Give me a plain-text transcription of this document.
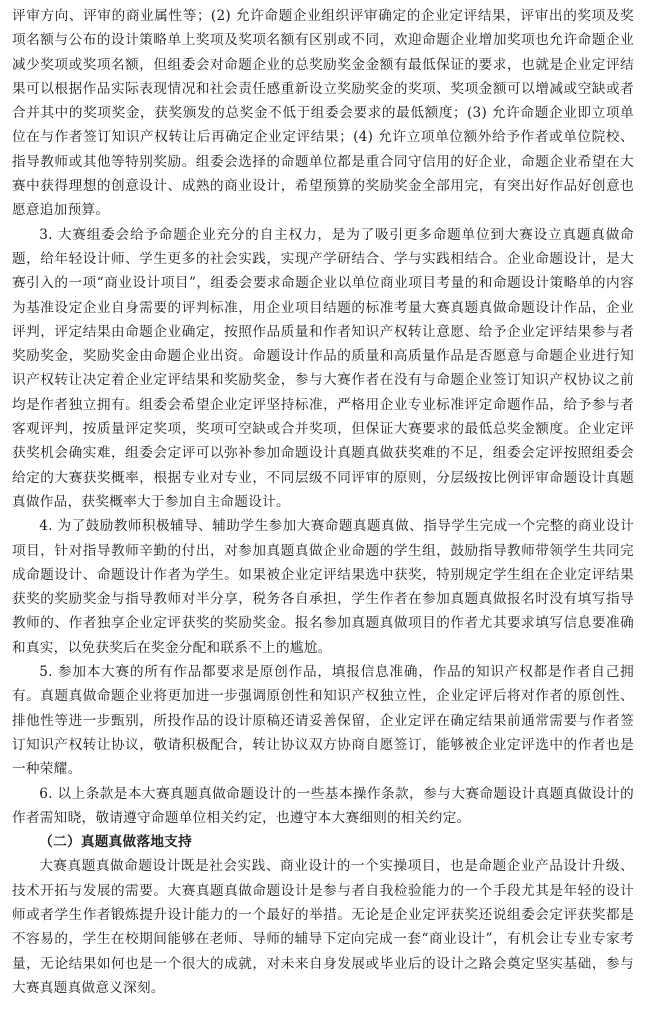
评审方向、评审的商业属性等；(2) 允许命题企业组织评审确定的企业定评结果，评审出的奖项及奖项名额与公布的设计策略单上奖项及奖项名额有区别或不同，欢迎命题企业增加奖项也允许命题企业减少奖项或奖项名额，但组委会对命题企业的总奖励奖金金额有最低保证的要求，也就是企业定评结果可以根据作品实际表现情况和社会责任感重新设立奖励奖金的奖项、奖项金额可以增减或空缺或者合并其中的奖项奖金，获奖颁发的总奖金不低于组委会要求的最低额度；(3) 允许命题企业即立项单位在与作者签订知识产权转让后再确定企业定评结果；(4) 允许立项单位额外给予作者或单位院校、指导教师或其他等特别奖励。组委会选择的命题单位都是重合同守信用的好企业，命题企业希望在大赛中获得理想的创意设计、成熟的商业设计，希望预算的奖励奖金全部用完，有突出好作品好创意也愿意追加预算。

3. 大赛组委会给予命题企业充分的自主权力，是为了吸引更多命题单位到大赛设立真题真做命题，给年轻设计师、学生更多的社会实践，实现产学研结合、学与实践相结合。企业命题设计，是大赛引入的一项“商业设计项目”，组委会要求命题企业以单位商业项目考量的和命题设计策略单的内容为基准设定企业自身需要的评判标准，用企业项目结题的标准考量大赛真题真做命题设计作品，企业评判，评定结果由命题企业确定，按照作品质量和作者知识产权转让意愿、给予企业定评结果参与者奖励奖金，奖励奖金由命题企业出资。命题设计作品的质量和高质量作品是否愿意与命题企业进行知识产权转让决定着企业定评结果和奖励奖金，参与大赛作者在没有与命题企业签订知识产权协议之前均是作者独立拥有。组委会希望企业定评坚持标准，严格用企业专业标准评定命题作品，给予参与者客观评判，按质量评定奖项，奖项可空缺或合并奖项，但保证大赛要求的最低总奖金额度。企业定评获奖机会确实难，组委会定评可以弥补参加命题设计真题真做获奖难的不足，组委会定评按照组委会给定的大赛获奖概率，根据专业对专业，不同层级不同评审的原则，分层级按比例评审命题设计真题真做作品，获奖概率大于参加自主命题设计。

4. 为了鼓励教师积极辅导、辅助学生参加大赛命题真题真做、指导学生完成一个完整的商业设计项目，针对指导教师辛勤的付出，对参加真题真做企业命题的学生组，鼓励指导教师带领学生共同完成命题设计、命题设计作者为学生。如果被企业定评结果选中获奖，特别规定学生组在企业定评结果获奖的奖励奖金与指导教师对半分享，税务各自承担，学生作者在参加真题真做报名时没有填写指导教师的、作者独享企业定评获奖的奖励奖金。报名参加真题真做项目的作者尤其要求填写信息要准确和真实，以免获奖后在奖金分配和联系不上的尴尬。

5. 参加本大赛的所有作品都要求是原创作品，填报信息准确，作品的知识产权都是作者自己拥有。真题真做命题企业将更加进一步强调原创性和知识产权独立性，企业定评后将对作者的原创性、排他性等进一步甄别，所投作品的设计原稿还请妥善保留，企业定评在确定结果前通常需要与作者签订知识产权转让协议，敬请积极配合，转让协议双方协商自愿签订，能够被企业定评选中的作者也是一种荣耀。

6. 以上条款是本大赛真题真做命题设计的一些基本操作条款，参与大赛命题设计真题真做设计的作者需知晓，敬请遵守命题单位相关约定，也遵守本大赛细则的相关约定。

（二）真题真做落地支持

大赛真题真做命题设计既是社会实践、商业设计的一个实操项目，也是命题企业产品设计升级、技术开拓与发展的需要。大赛真题真做命题设计是参与者自我检验能力的一个手段尤其是年轻的设计师或者学生作者锻炼提升设计能力的一个最好的举措。无论是企业定评获奖还说组委会定评获奖都是不容易的，学生在校期间能够在老师、导师的辅导下定向完成一套“商业设计”，有机会让专业专家考量，无论结果如何也是一个很大的成就，对未来自身发展或毕业后的设计之路会奠定坚实基础，参与大赛真题真做意义深刻。
